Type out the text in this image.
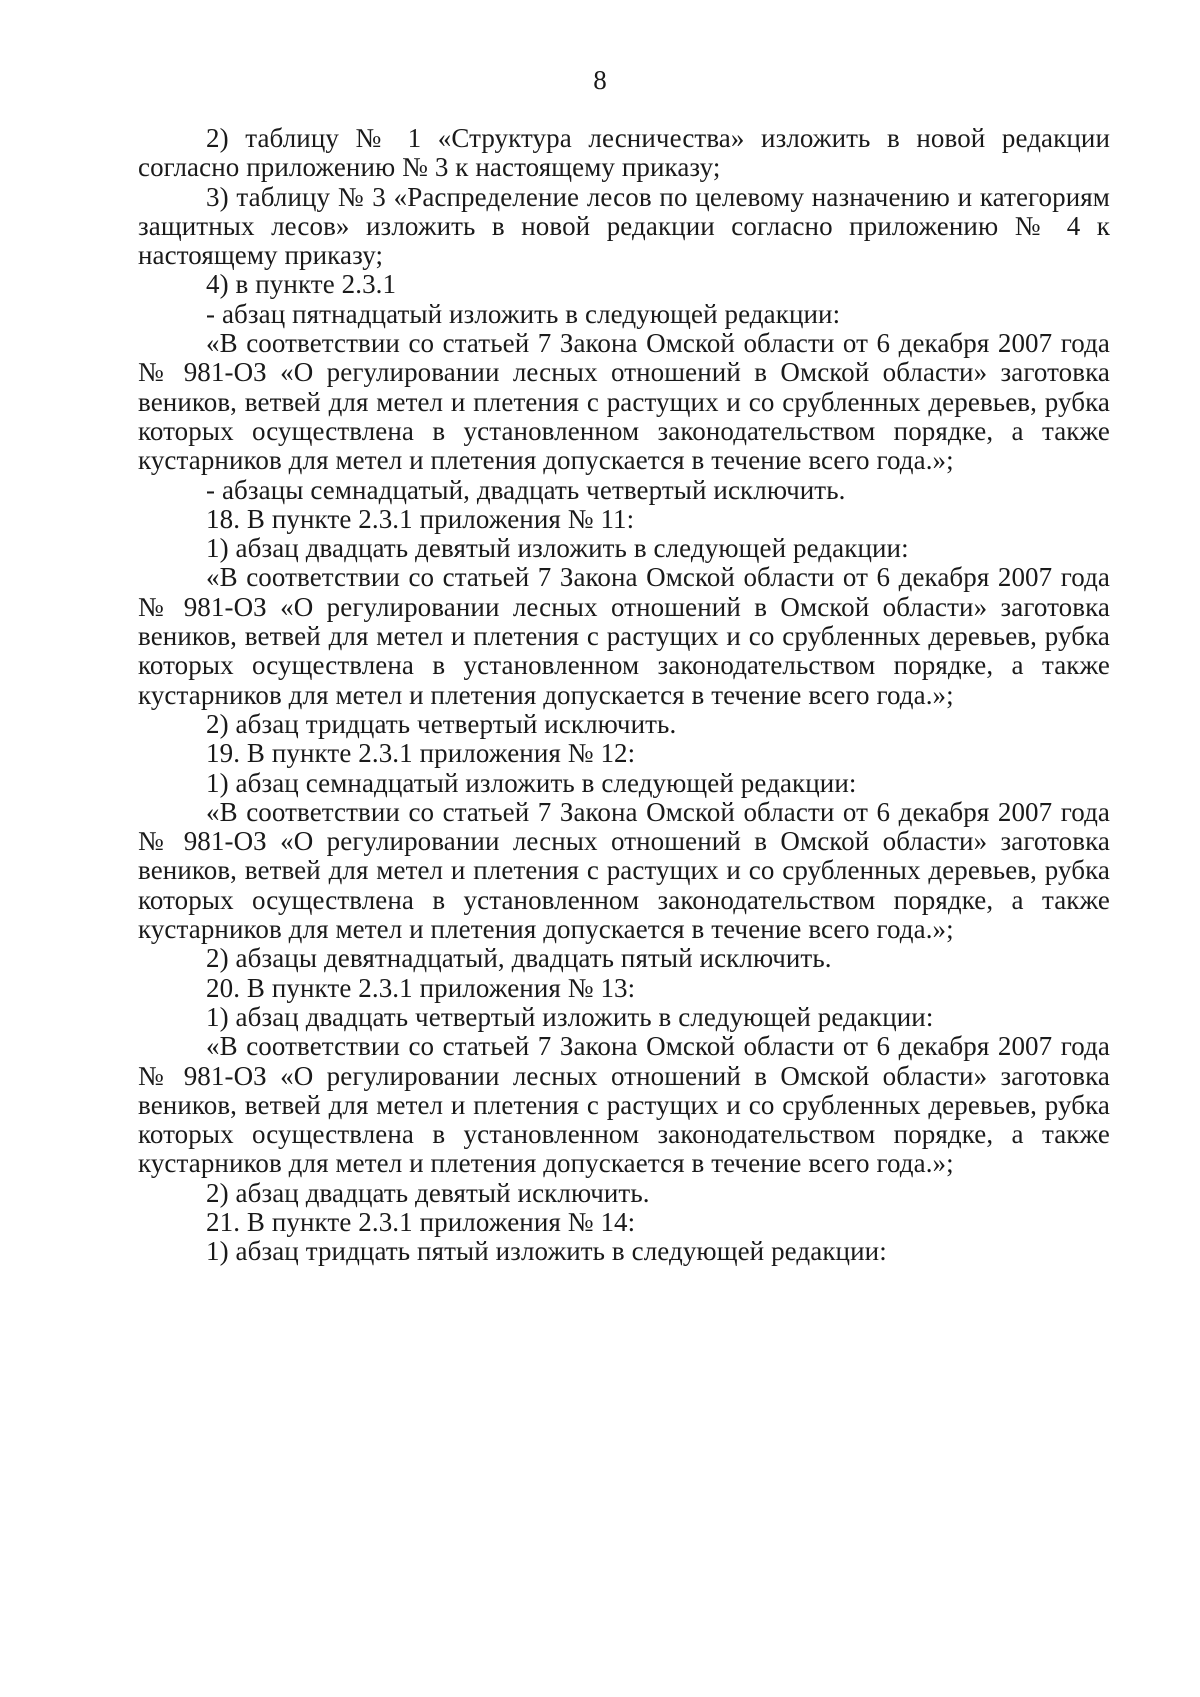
8

2) таблицу № 1 «Структура лесничества» изложить в новой редакции согласно приложению № 3 к настоящему приказу;

3) таблицу № 3 «Распределение лесов по целевому назначению и категориям защитных лесов» изложить в новой редакции согласно приложению № 4 к настоящему приказу;

4) в пункте 2.3.1

- абзац пятнадцатый изложить в следующей редакции:

«В соответствии со статьей 7 Закона Омской области от 6 декабря 2007 года № 981-ОЗ «О регулировании лесных отношений в Омской области» заготовка веников, ветвей для метел и плетения с растущих и со срубленных деревьев, рубка которых осуществлена в установленном законодательством порядке, а также кустарников для метел и плетения допускается в течение всего года.»;

- абзацы семнадцатый, двадцать четвертый исключить.

18. В пункте 2.3.1 приложения № 11:

1) абзац двадцать девятый изложить в следующей редакции:

«В соответствии со статьей 7 Закона Омской области от 6 декабря 2007 года № 981-ОЗ «О регулировании лесных отношений в Омской области» заготовка веников, ветвей для метел и плетения с растущих и со срубленных деревьев, рубка которых осуществлена в установленном законодательством порядке, а также кустарников для метел и плетения допускается в течение всего года.»;

2) абзац тридцать четвертый исключить.

19. В пункте 2.3.1 приложения № 12:

1) абзац семнадцатый изложить в следующей редакции:

«В соответствии со статьей 7 Закона Омской области от 6 декабря 2007 года № 981-ОЗ «О регулировании лесных отношений в Омской области» заготовка веников, ветвей для метел и плетения с растущих и со срубленных деревьев, рубка которых осуществлена в установленном законодательством порядке, а также кустарников для метел и плетения допускается в течение всего года.»;

2) абзацы девятнадцатый, двадцать пятый исключить.

20. В пункте 2.3.1 приложения № 13:

1) абзац двадцать четвертый изложить в следующей редакции:

«В соответствии со статьей 7 Закона Омской области от 6 декабря 2007 года № 981-ОЗ «О регулировании лесных отношений в Омской области» заготовка веников, ветвей для метел и плетения с растущих и со срубленных деревьев, рубка которых осуществлена в установленном законодательством порядке, а также кустарников для метел и плетения допускается в течение всего года.»;

2) абзац двадцать девятый исключить.

21. В пункте 2.3.1 приложения № 14:

1) абзац тридцать пятый изложить в следующей редакции:
